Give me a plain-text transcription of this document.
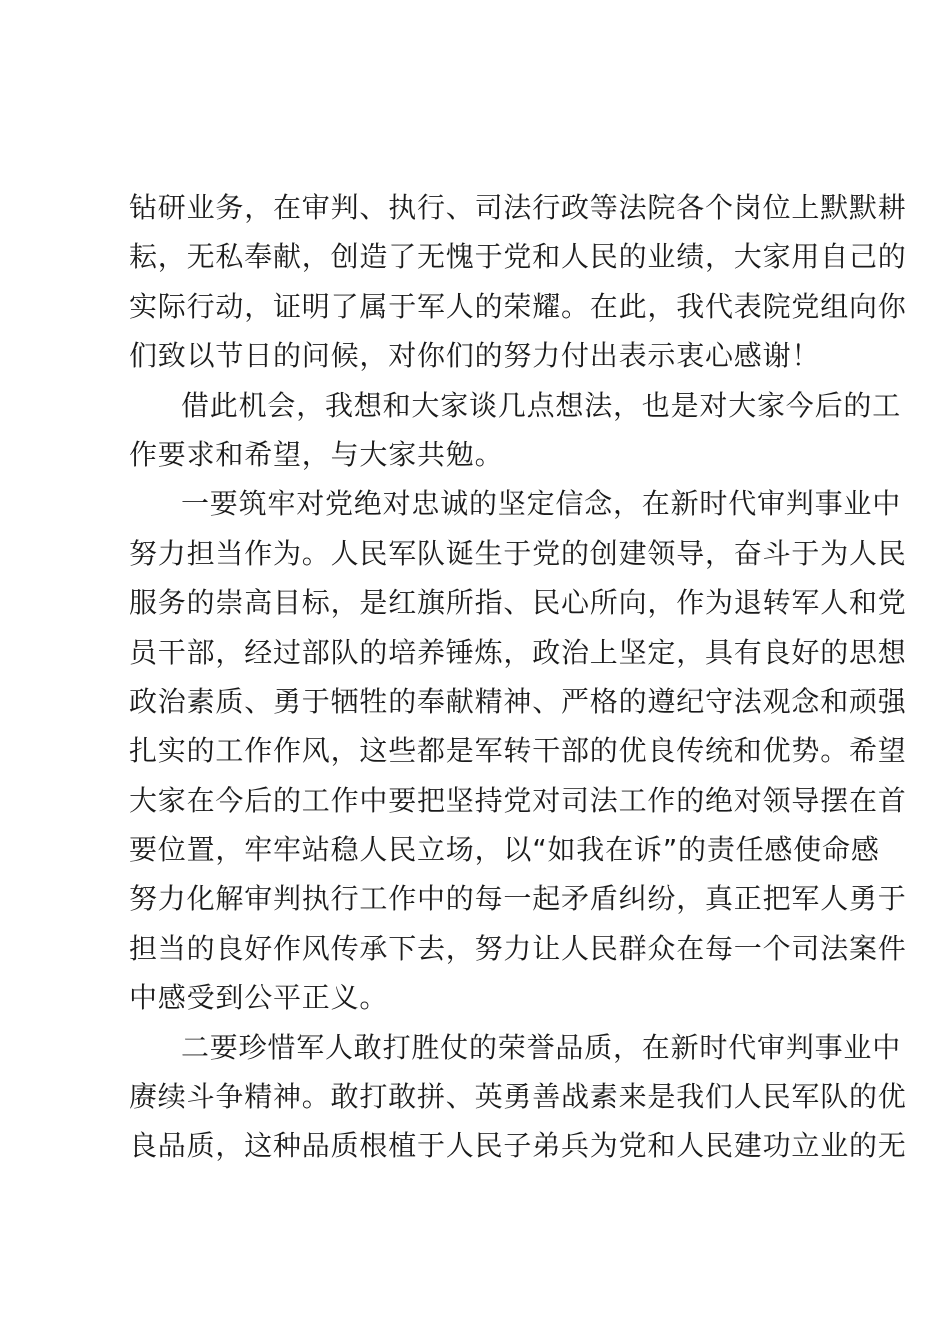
钻研业务，在审判、执行、司法行政等法院各个岗位上默默耕
耘，无私奉献，创造了无愧于党和人民的业绩，大家用自己的
实际行动，证明了属于军人的荣耀。在此，我代表院党组向你
们致以节日的问候，对你们的努力付出表示衷心感谢！
借此机会，我想和大家谈几点想法，也是对大家今后的工
作要求和希望，与大家共勉。
一要筑牢对党绝对忠诚的坚定信念，在新时代审判事业中
努力担当作为。人民军队诞生于党的创建领导，奋斗于为人民
服务的崇高目标，是红旗所指、民心所向，作为退转军人和党
员干部，经过部队的培养锤炼，政治上坚定，具有良好的思想
政治素质、勇于牺牲的奉献精神、严格的遵纪守法观念和顽强
扎实的工作作风，这些都是军转干部的优良传统和优势。希望
大家在今后的工作中要把坚持党对司法工作的绝对领导摆在首
要位置，牢牢站稳人民立场，以“如我在诉”的责任感使命感
努力化解审判执行工作中的每一起矛盾纠纷，真正把军人勇于
担当的良好作风传承下去，努力让人民群众在每一个司法案件
中感受到公平正义。
二要珍惜军人敢打胜仗的荣誉品质，在新时代审判事业中
赓续斗争精神。敢打敢拼、英勇善战素来是我们人民军队的优
良品质，这种品质根植于人民子弟兵为党和人民建功立业的无
